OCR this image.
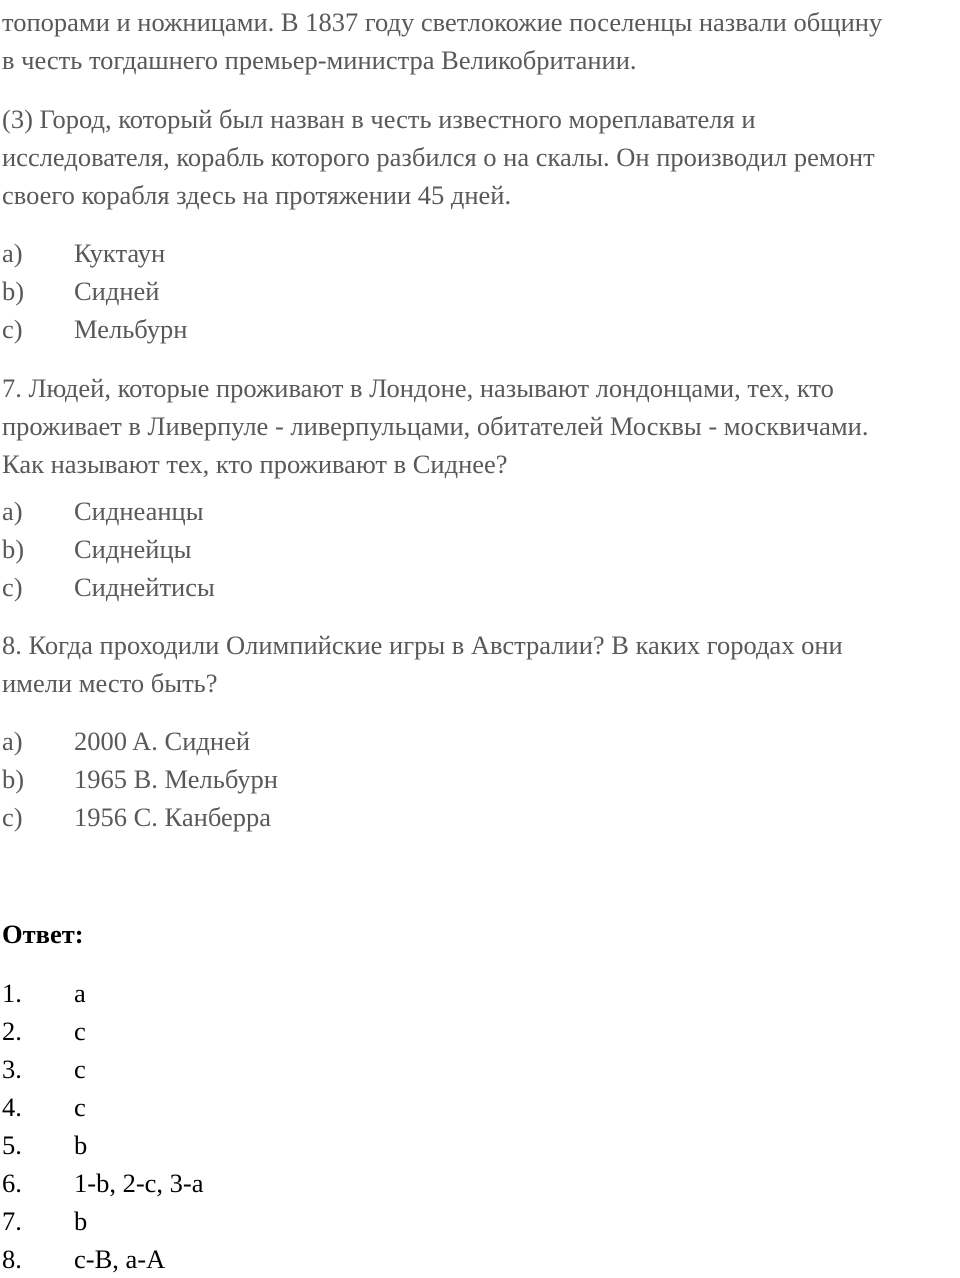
топорами и ножницами. В 1837 году светлокожие поселенцы назвали общину
в честь тогдашнего премьер-министра Великобритании.
(3) Город, который был назван в честь известного мореплавателя и
исследователя, корабль которого разбился о на скалы. Он производил ремонт
своего корабля здесь на протяжении 45 дней.
a) Куктаун
b) Сидней
c) Мельбурн
7. Людей, которые проживают в Лондоне, называют лондонцами, тех, кто
проживает в Ливерпуле - ливерпульцами, обитателей Москвы - москвичами.
Как называют тех, кто проживают в Сиднее?
a) Сиднеанцы
b) Сиднейцы
c) Сиднейтисы
8. Когда проходили Олимпийские игры в Австралии? В каких городах они
имели место быть?
a) 2000 A. Сидней
b) 1965 B. Мельбурн
c) 1956 C. Канберра
Ответ:
1. a
2. c
3. c
4. c
5. b
6. 1-b, 2-c, 3-a
7. b
8. c-B, a-A
